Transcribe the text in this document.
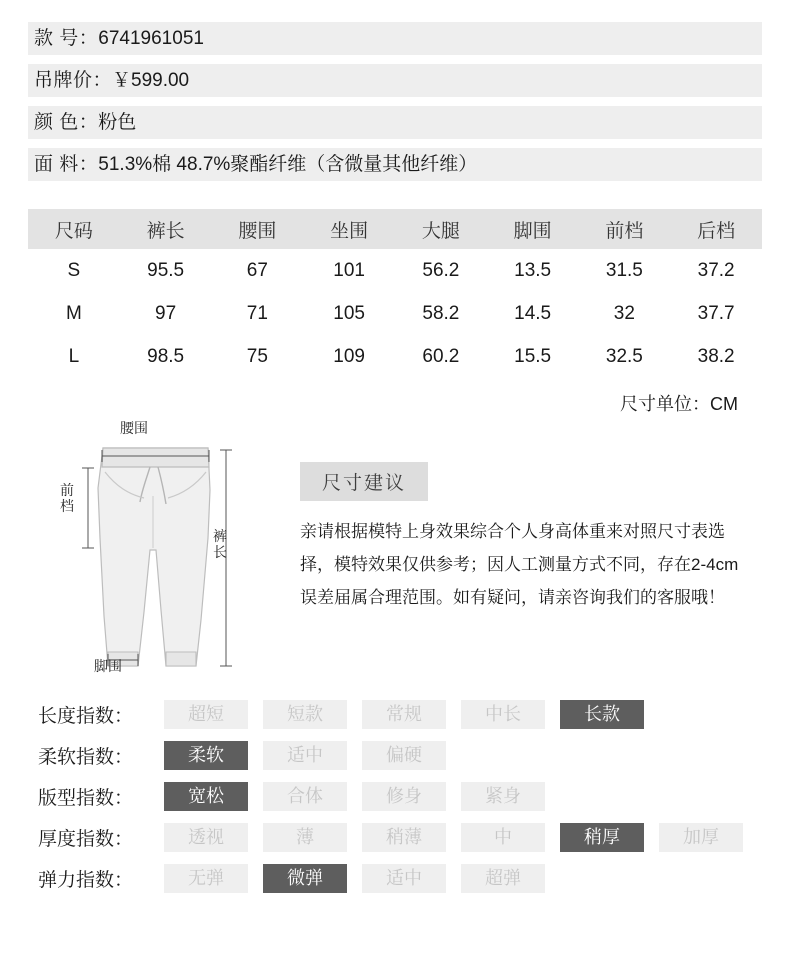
款 号：6741961051
吊牌价：￥599.00
颜 色：粉色
面 料：51.3%棉 48.7%聚酯纤维（含微量其他纤维）
尺码	裤长	腰围	坐围	大腿	脚围	前档	后档
S	95.5	67	101	56.2	13.5	31.5	37.2
M	97	71	105	58.2	14.5	32	37.7
L	98.5	75	109	60.2	15.5	32.5	38.2
尺寸单位：CM
腰围
前档
裤长
脚围
尺寸建议
亲请根据模特上身效果综合个人身高体重来对照尺寸表选择，模特效果仅供参考；因人工测量方式不同，存在2-4cm误差届属合理范围。如有疑问，请亲咨询我们的客服哦！
长度指数：	超短	短款	常规	中长	长款
柔软指数：	柔软	适中	偏硬
版型指数：	宽松	合体	修身	紧身
厚度指数：	透视	薄	稍薄	中	稍厚	加厚
弹力指数：	无弹	微弹	适中	超弹
